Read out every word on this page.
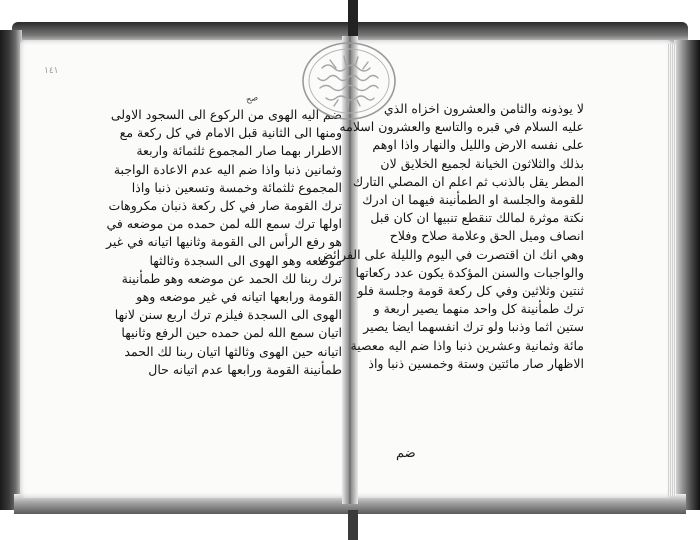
١٤١
صح
ضم اليه الهوى من الركوع الى السجود الاولى
ومنها الى الثانية قبل الامام في كل ركعة مع
الاطرار بهما صار المجموع ثلثمائة واربعة
وثمانين ذنبا واذا ضم اليه عدم الاعادة الواجبة
المجموع ثلثمائة وخمسة وتسعين ذنبا واذا
ترك القومة صار في كل ركعة ذنبان مكروهات
اولها ترك سمع الله لمن حمده من موضعه في
هو رفع الرأس الى القومة وثانيها اتيانه في غير
موضعه وهو الهوى الى السجدة وثالثها
ترك ربنا لك الحمد عن موضعه وهو طمأنينة
القومة ورابعها اتيانه في غير موضعه وهو
الهوى الى السجدة فيلزم ترك اربع سنن لانها
اتيان سمع الله لمن حمده حين الرفع وثانيها
اتيانه حين الهوى وثالثها اتيان ربنا لك الحمد
طمأنينة القومة ورابعها عدم اتيانه حال
لا يوذونه والثامن والعشرون اخزاه الذي
عليه السلام في قبره والتاسع والعشرون اسلامه
على نفسه الارض والليل والنهار واذا اوهم
بذلك والثلاثون الخيانة لجميع الخلايق لان
المطر يقل بالذنب ثم اعلم ان المصلي التارك
للقومة والجلسة او الطمأنينة فيهما ان ادرك
نكتة موثرة لمالك تنقطع تنبيها ان كان قبل
انصاف وميل الحق وعلامة صلاح وفلاح
وهي انك ان اقتصرت في اليوم والليلة على الفرائض
والواجبات والسنن المؤكدة يكون عدد ركعاتها
ثنتين وثلاثين وفي كل ركعة قومة وجلسة فلو
ترك طمأنينة كل واحد منهما يصير اربعة و
ستين اثما وذنبا ولو ترك انفسهما ايضا يصير
مائة وثمانية وعشرين ذنبا واذا ضم اليه معصية
الاظهار صار مائتين وستة وخمسين ذنبا واذ
ضم
